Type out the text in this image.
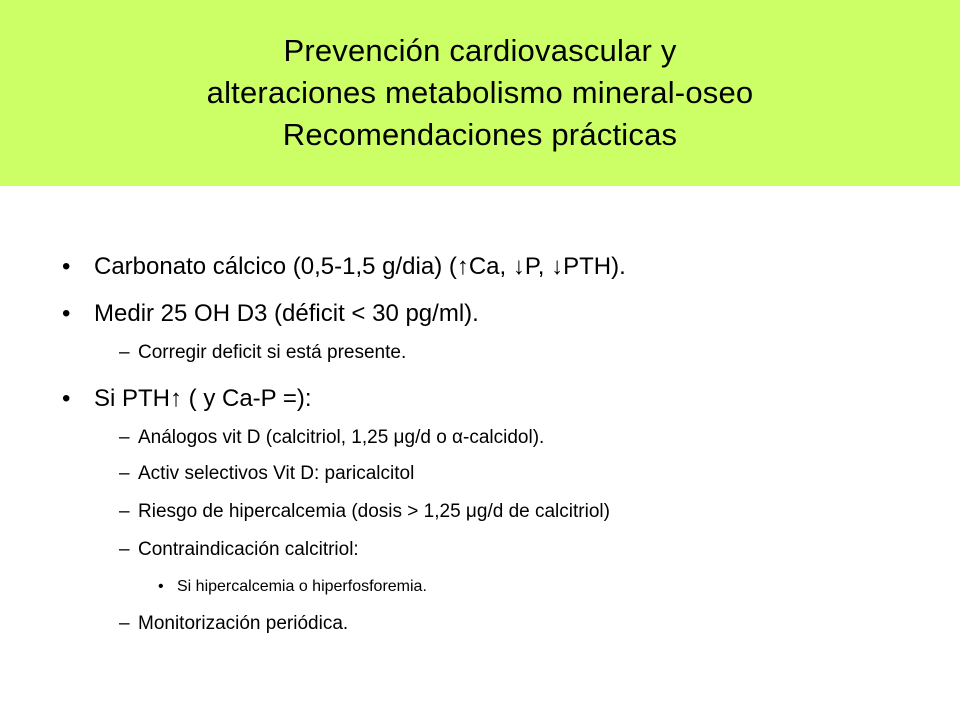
Prevención cardiovascular y
alteraciones metabolismo mineral-oseo
Recomendaciones prácticas
• Carbonato cálcico (0,5-1,5 g/dia) (↑Ca, ↓P, ↓PTH).
• Medir 25 OH D3 (déficit < 30 pg/ml).
– Corregir deficit si está presente.
• Si PTH↑ ( y Ca-P =):
– Análogos vit D (calcitriol, 1,25 μg/d o α-calcidol).
– Activ selectivos Vit D: paricalcitol
– Riesgo de hipercalcemia (dosis > 1,25 μg/d de calcitriol)
– Contraindicación calcitriol:
• Si hipercalcemia o hiperfosforemia.
– Monitorización periódica.
